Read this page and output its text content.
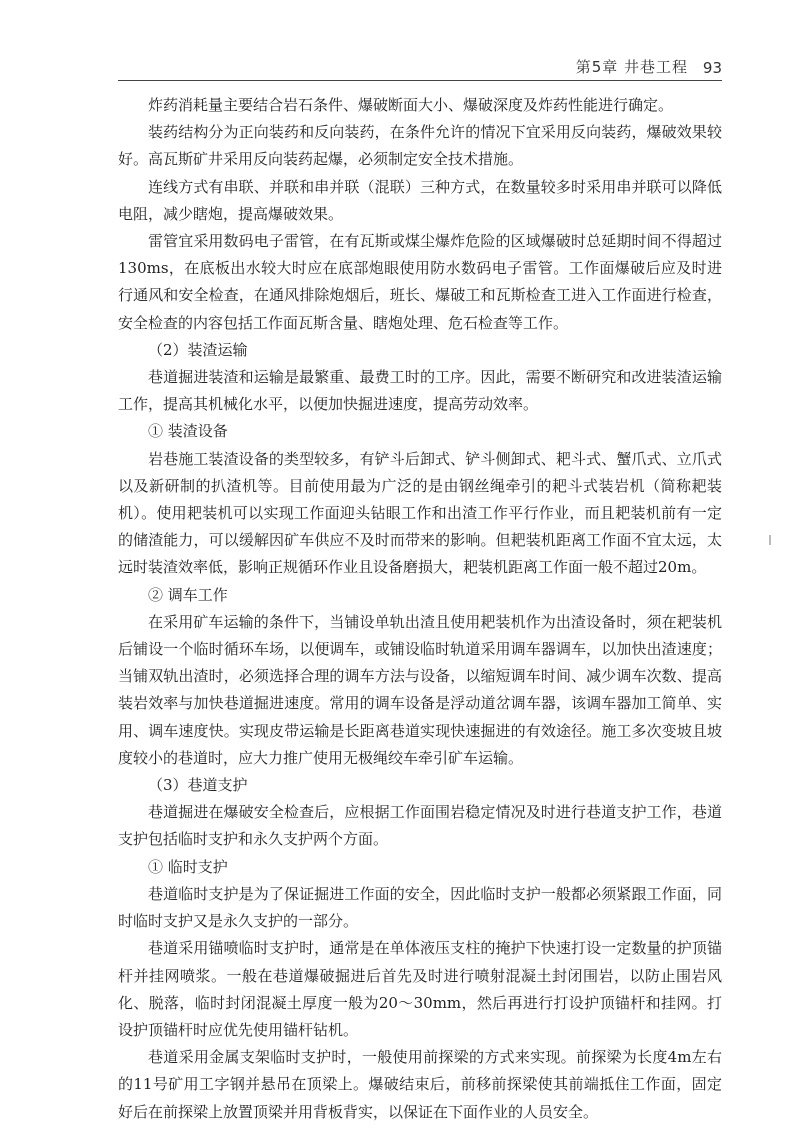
第5章 井巷工程 93

炸药消耗量主要结合岩石条件、爆破断面大小、爆破深度及炸药性能进行确定。

装药结构分为正向装药和反向装药，在条件允许的情况下宜采用反向装药，爆破效果较好。高瓦斯矿井采用反向装药起爆，必须制定安全技术措施。

连线方式有串联、并联和串并联（混联）三种方式，在数量较多时采用串并联可以降低电阻，减少瞎炮，提高爆破效果。

雷管宜采用数码电子雷管，在有瓦斯或煤尘爆炸危险的区域爆破时总延期时间不得超过130ms，在底板出水较大时应在底部炮眼使用防水数码电子雷管。工作面爆破后应及时进行通风和安全检查，在通风排除炮烟后，班长、爆破工和瓦斯检查工进入工作面进行检查，安全检查的内容包括工作面瓦斯含量、瞎炮处理、危石检查等工作。

（2）装渣运输

巷道掘进装渣和运输是最繁重、最费工时的工序。因此，需要不断研究和改进装渣运输工作，提高其机械化水平，以便加快掘进速度，提高劳动效率。

① 装渣设备

岩巷施工装渣设备的类型较多，有铲斗后卸式、铲斗侧卸式、耙斗式、蟹爪式、立爪式以及新研制的扒渣机等。目前使用最为广泛的是由钢丝绳牵引的耙斗式装岩机（简称耙装机）。使用耙装机可以实现工作面迎头钻眼工作和出渣工作平行作业，而且耙装机前有一定的储渣能力，可以缓解因矿车供应不及时而带来的影响。但耙装机距离工作面不宜太远，太远时装渣效率低，影响正规循环作业且设备磨损大，耙装机距离工作面一般不超过20m。

② 调车工作

在采用矿车运输的条件下，当铺设单轨出渣且使用耙装机作为出渣设备时，须在耙装机后铺设一个临时循环车场，以便调车，或铺设临时轨道采用调车器调车，以加快出渣速度；当铺双轨出渣时，必须选择合理的调车方法与设备，以缩短调车时间、减少调车次数、提高装岩效率与加快巷道掘进速度。常用的调车设备是浮动道岔调车器，该调车器加工简单、实用、调车速度快。实现皮带运输是长距离巷道实现快速掘进的有效途径。施工多次变坡且坡度较小的巷道时，应大力推广使用无极绳绞车牵引矿车运输。

（3）巷道支护

巷道掘进在爆破安全检查后，应根据工作面围岩稳定情况及时进行巷道支护工作，巷道支护包括临时支护和永久支护两个方面。

① 临时支护

巷道临时支护是为了保证掘进工作面的安全，因此临时支护一般都必须紧跟工作面，同时临时支护又是永久支护的一部分。

巷道采用锚喷临时支护时，通常是在单体液压支柱的掩护下快速打设一定数量的护顶锚杆并挂网喷浆。一般在巷道爆破掘进后首先及时进行喷射混凝土封闭围岩，以防止围岩风化、脱落，临时封闭混凝土厚度一般为20～30mm，然后再进行打设护顶锚杆和挂网。打设护顶锚杆时应优先使用锚杆钻机。

巷道采用金属支架临时支护时，一般使用前探梁的方式来实现。前探梁为长度4m左右的11号矿用工字钢并悬吊在顶梁上。爆破结束后，前移前探梁使其前端抵住工作面，固定好后在前探梁上放置顶梁并用背板背实，以保证在下面作业的人员安全。
